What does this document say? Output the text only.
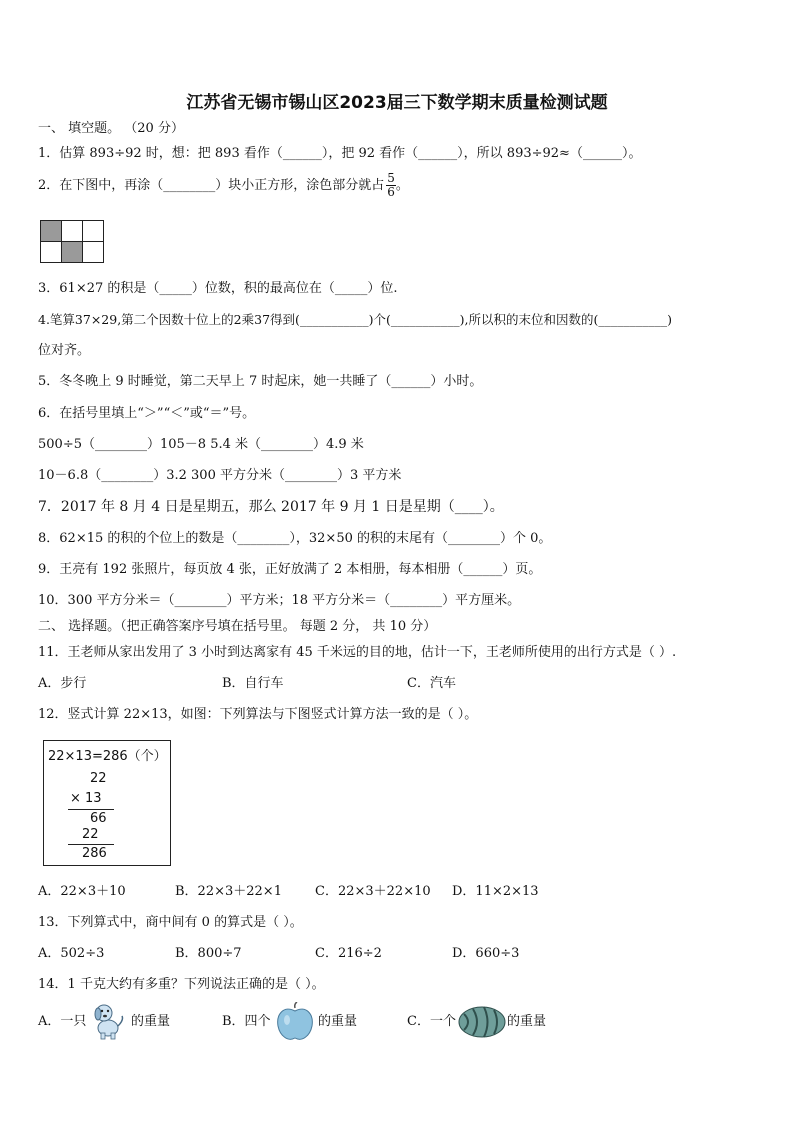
江苏省无锡市锡山区2023届三下数学期末质量检测试题
一、 填空题。 （20 分）
1．估算 893÷92 时，想：把 893 看作（______），把 92 看作（______），所以 893÷92≈（______）。
2．在下图中，再涂（________）块小正方形，涂色部分就占 $\frac{5}{6}$ 。

3．61×27 的积是（_____）位数，积的最高位在（_____）位.
4.笔算37×29,第二个因数十位上的2乘37得到(___________)个(___________),所以积的末位和因数的(___________)
位对齐。
5．冬冬晚上 9 时睡觉，第二天早上 7 时起床，她一共睡了（______）小时。
6．在括号里填上“＞”“＜”或“＝”号。
500÷5（________）105－8 5.4 米（________）4.9 米
10－6.8（________）3.2 300 平方分米（________）3 平方米
7．2017 年 8 月 4 日是星期五，那么 2017 年 9 月 1 日是星期（____）。
8．62×15 的积的个位上的数是（________），32×50 的积的末尾有（________）个 0。
9．王亮有 192 张照片，每页放 4 张，正好放满了 2 本相册，每本相册（______）页。
10．300 平方分米＝（________）平方米；18 平方分米＝（________）平方厘米。
二、 选择题。（把正确答案序号填在括号里。 每题 2 分， 共 10 分）
11．王老师从家出发用了 3 小时到达离家有 45 千米远的目的地，估计一下，王老师所使用的出行方式是（ ）.
A．步行	B．自行车	C．汽车
12．竖式计算 22×13，如图：下列算法与下图竖式计算方法一致的是（ ）。
22×13=286（个）
22
× 13
66
22
286
A．22×3＋10	B．22×3＋22×1	C．22×3＋22×10 D．11×2×13
13．下列算式中，商中间有 0 的算式是（ ）。
A．502÷3	B．800÷7	C．216÷2	D．660÷3
14．1 千克大约有多重？下列说法正确的是（ ）。
A．一只	的重量	B．四个	的重量	C．一个	的重量
